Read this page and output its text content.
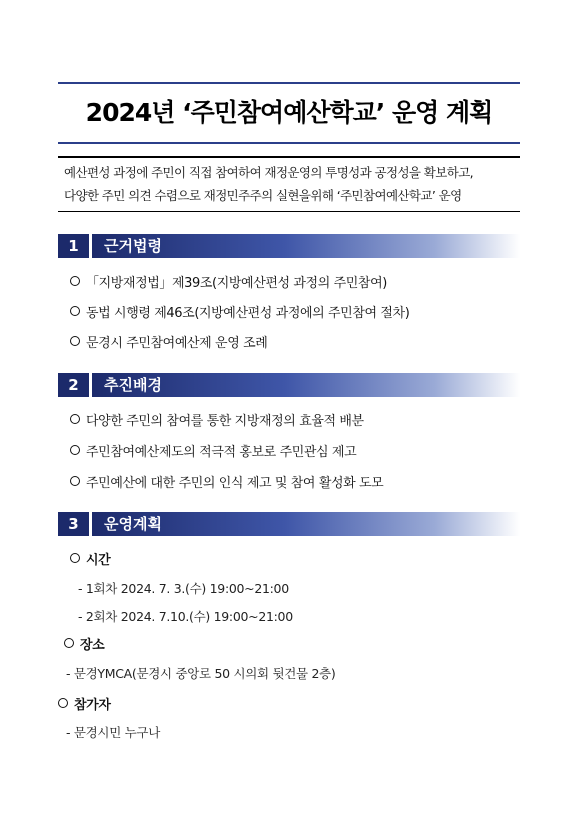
2024년 ‘주민참여예산학교’ 운영 계획
예산편성 과정에 주민이 직접 참여하여 재정운영의 투명성과 공정성을 확보하고,
다양한 주민 의견 수렴으로 재정민주주의 실현을위해 ‘주민참여예산학교’ 운영
1	근거법령
「지방재정법」제39조(지방예산편성 과정의 주민참여)
동법 시행령 제46조(지방예산편성 과정에의 주민참여 절차)
문경시 주민참여예산제 운영 조례
2	추진배경
다양한 주민의 참여를 통한 지방재정의 효율적 배분
주민참여예산제도의 적극적 홍보로 주민관심 제고
주민예산에 대한 주민의 인식 제고 및 참여 활성화 도모
3	운영계획
시간
- 1회차 2024. 7. 3.(수) 19:00~21:00
- 2회차 2024. 7.10.(수) 19:00~21:00
장소
- 문경YMCA(문경시 중앙로 50 시의회 뒷건물 2층)
참가자
- 문경시민 누구나
